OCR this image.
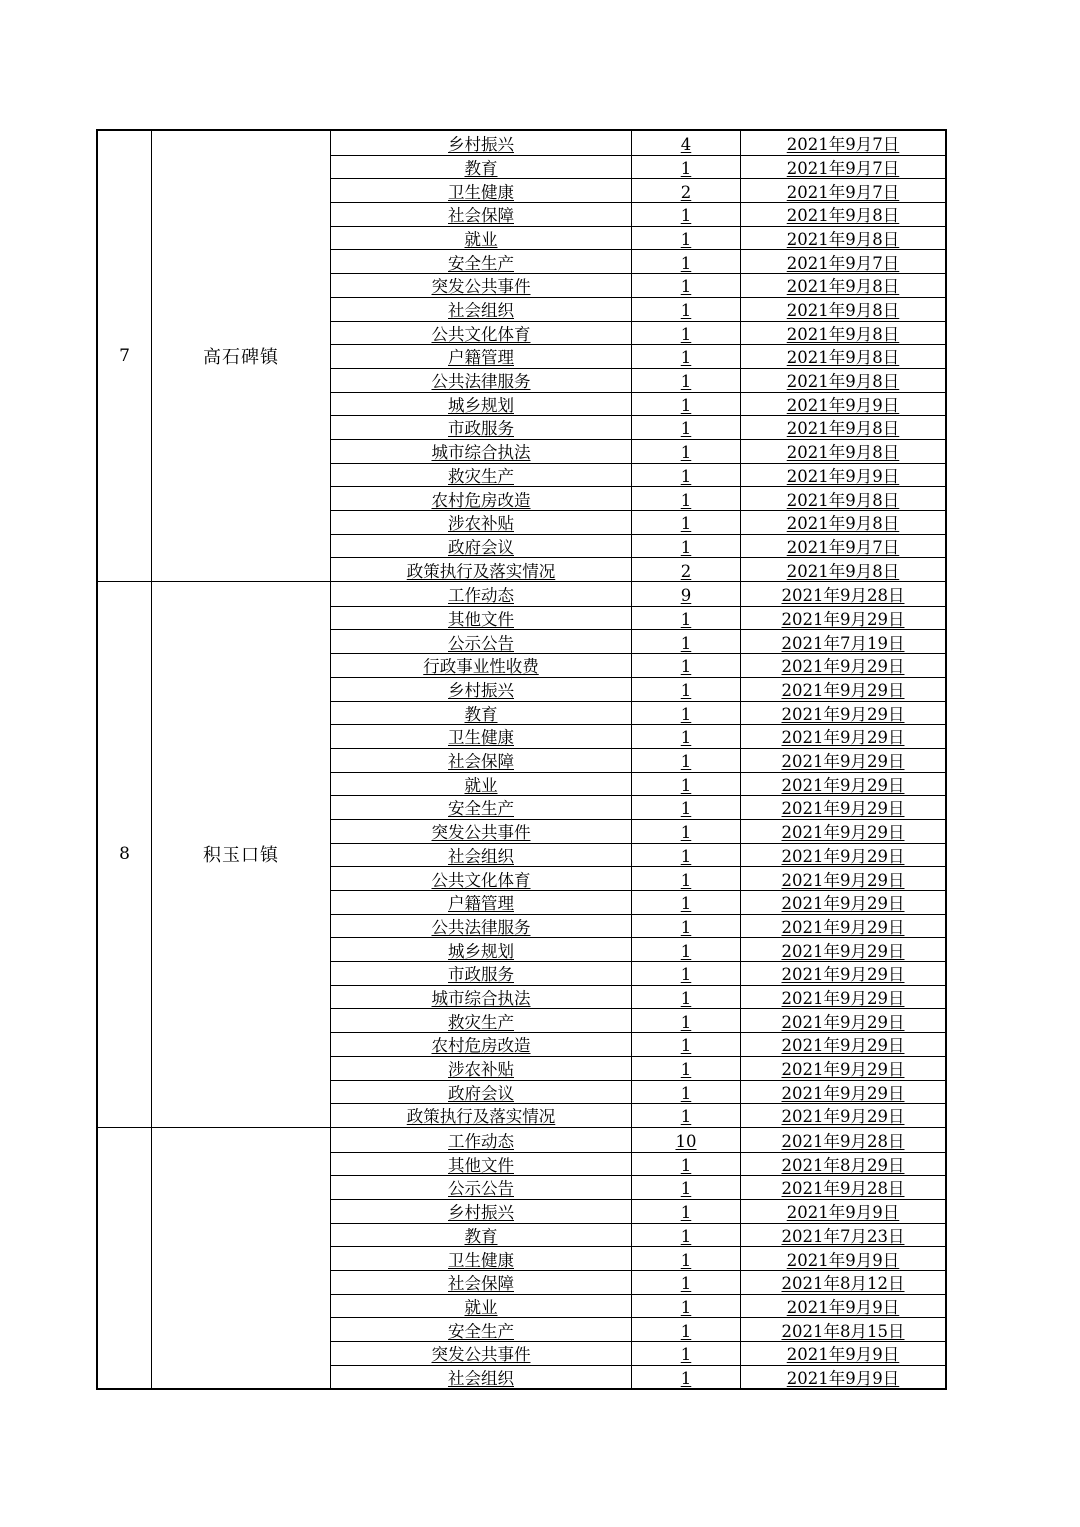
7	高石碑镇
乡村振兴	4	2021年9月7日
教育	1	2021年9月7日
卫生健康	2	2021年9月7日
社会保障	1	2021年9月8日
就业	1	2021年9月8日
安全生产	1	2021年9月7日
突发公共事件	1	2021年9月8日
社会组织	1	2021年9月8日
公共文化体育	1	2021年9月8日
户籍管理	1	2021年9月8日
公共法律服务	1	2021年9月8日
城乡规划	1	2021年9月9日
市政服务	1	2021年9月8日
城市综合执法	1	2021年9月8日
救灾生产	1	2021年9月9日
农村危房改造	1	2021年9月8日
涉农补贴	1	2021年9月8日
政府会议	1	2021年9月7日
政策执行及落实情况	2	2021年9月8日
8	积玉口镇
工作动态	9	2021年9月28日
其他文件	1	2021年9月29日
公示公告	1	2021年7月19日
行政事业性收费	1	2021年9月29日
乡村振兴	1	2021年9月29日
教育	1	2021年9月29日
卫生健康	1	2021年9月29日
社会保障	1	2021年9月29日
就业	1	2021年9月29日
安全生产	1	2021年9月29日
突发公共事件	1	2021年9月29日
社会组织	1	2021年9月29日
公共文化体育	1	2021年9月29日
户籍管理	1	2021年9月29日
公共法律服务	1	2021年9月29日
城乡规划	1	2021年9月29日
市政服务	1	2021年9月29日
城市综合执法	1	2021年9月29日
救灾生产	1	2021年9月29日
农村危房改造	1	2021年9月29日
涉农补贴	1	2021年9月29日
政府会议	1	2021年9月29日
政策执行及落实情况	1	2021年9月29日
工作动态	10	2021年9月28日
其他文件	1	2021年8月29日
公示公告	1	2021年9月28日
乡村振兴	1	2021年9月9日
教育	1	2021年7月23日
卫生健康	1	2021年9月9日
社会保障	1	2021年8月12日
就业	1	2021年9月9日
安全生产	1	2021年8月15日
突发公共事件	1	2021年9月9日
社会组织	1	2021年9月9日
